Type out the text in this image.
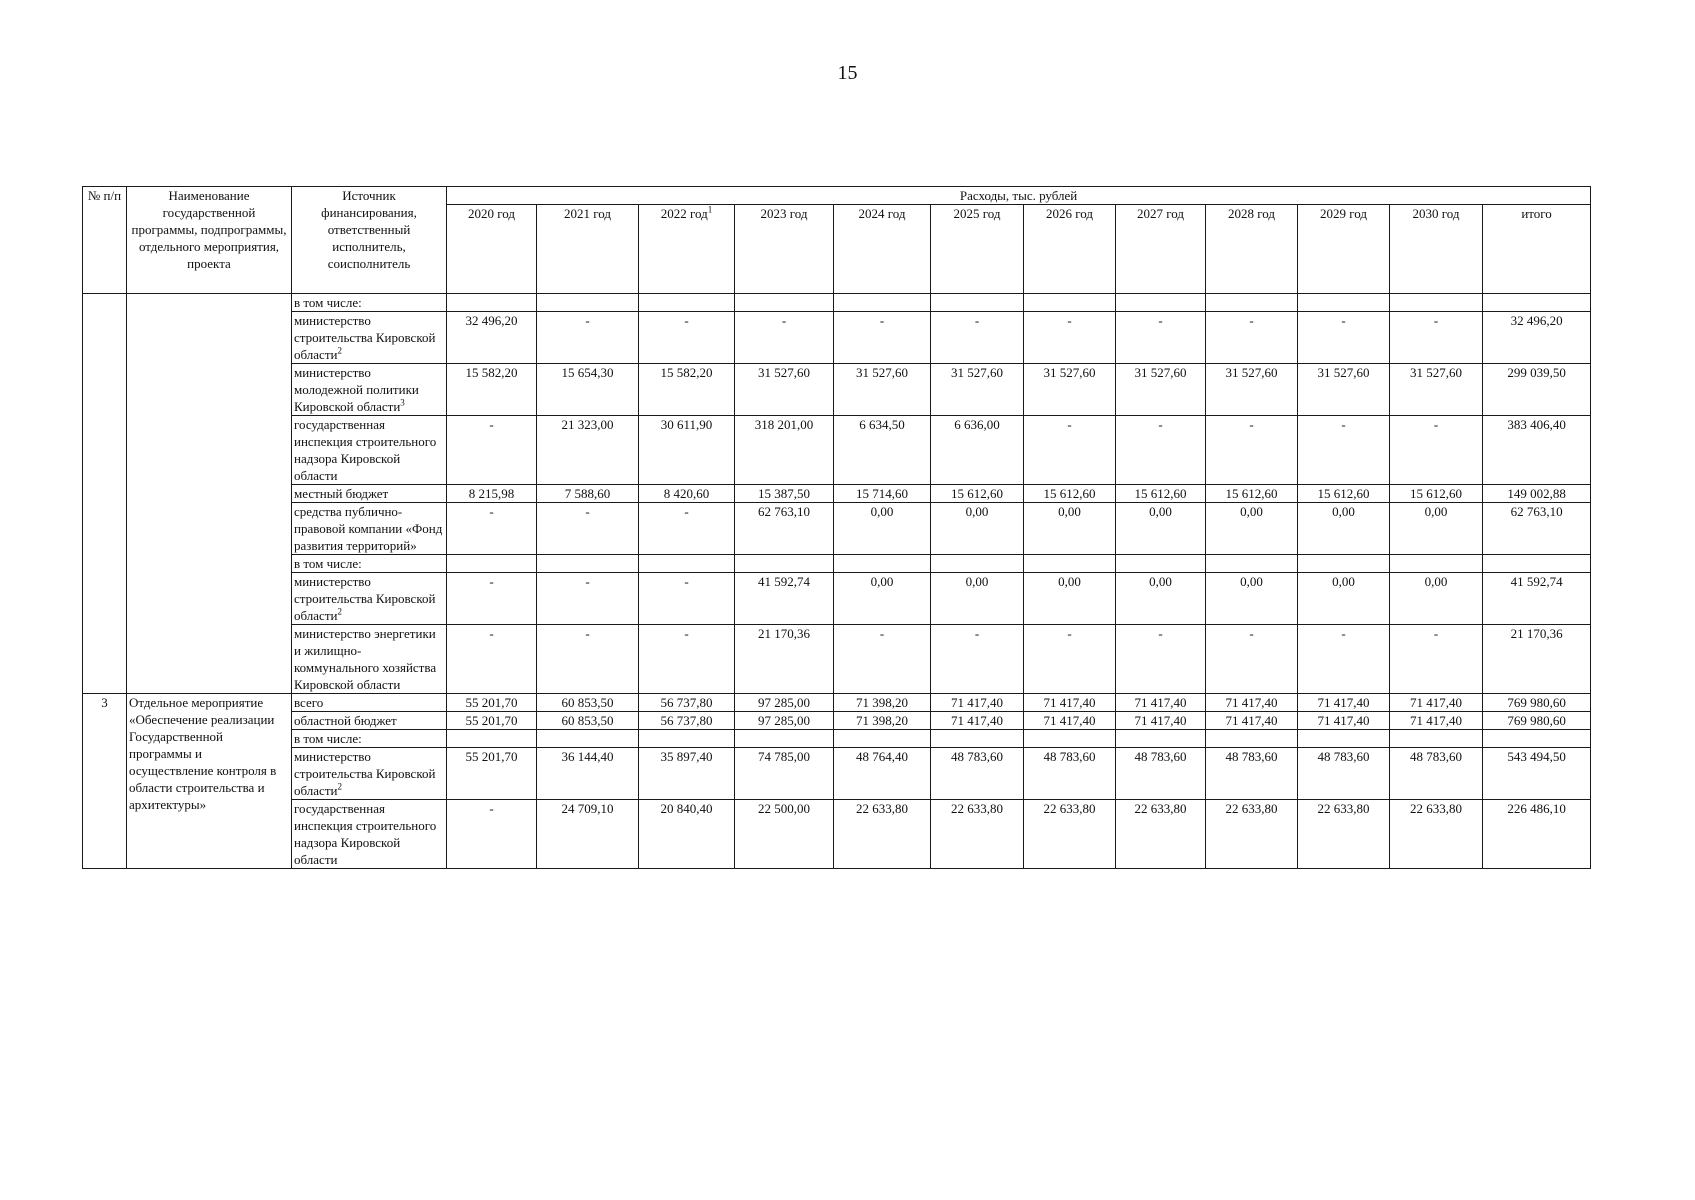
15
№ п/п	Наименование государственной программы, подпрограммы, отдельного мероприятия, проекта	Источник финансирования, ответственный исполнитель, соисполнитель	Расходы, тыс. рублей											
			2020 год	2021 год	2022 год$^1$	2023 год	2024 год	2025 год	2026 год	2027 год	2028 год	2029 год	2030 год	итого
		в том числе:												
		министерство строительства Кировской области$^2$	32 496,20	-	-	-	-	-	-	-	-	-	-	32 496,20
		министерство молодежной политики Кировской области$^3$	15 582,20	15 654,30	15 582,20	31 527,60	31 527,60	31 527,60	31 527,60	31 527,60	31 527,60	31 527,60	31 527,60	299 039,50
		государственная инспекция строительного надзора Кировской области	-	21 323,00	30 611,90	318 201,00	6 634,50	6 636,00	-	-	-	-	-	383 406,40
		местный бюджет	8 215,98	7 588,60	8 420,60	15 387,50	15 714,60	15 612,60	15 612,60	15 612,60	15 612,60	15 612,60	15 612,60	149 002,88
		средства публично-правовой компании «Фонд развития территорий»	-	-	-	62 763,10	0,00	0,00	0,00	0,00	0,00	0,00	0,00	62 763,10
		в том числе:												
		министерство строительства Кировской области$^2$	-	-	-	41 592,74	0,00	0,00	0,00	0,00	0,00	0,00	0,00	41 592,74
		министерство энергетики и жилищно-коммунального хозяйства Кировской области	-	-	-	21 170,36	-	-	-	-	-	-	-	21 170,36
3	Отдельное мероприятие «Обеспечение реализации Государственной программы и осуществление контроля в области строительства и архитектуры»	всего	55 201,70	60 853,50	56 737,80	97 285,00	71 398,20	71 417,40	71 417,40	71 417,40	71 417,40	71 417,40	71 417,40	769 980,60
		областной бюджет	55 201,70	60 853,50	56 737,80	97 285,00	71 398,20	71 417,40	71 417,40	71 417,40	71 417,40	71 417,40	71 417,40	769 980,60
		в том числе:												
		министерство строительства Кировской области$^2$	55 201,70	36 144,40	35 897,40	74 785,00	48 764,40	48 783,60	48 783,60	48 783,60	48 783,60	48 783,60	48 783,60	543 494,50
		государственная инспекция строительного надзора Кировской области	-	24 709,10	20 840,40	22 500,00	22 633,80	22 633,80	22 633,80	22 633,80	22 633,80	22 633,80	22 633,80	226 486,10
